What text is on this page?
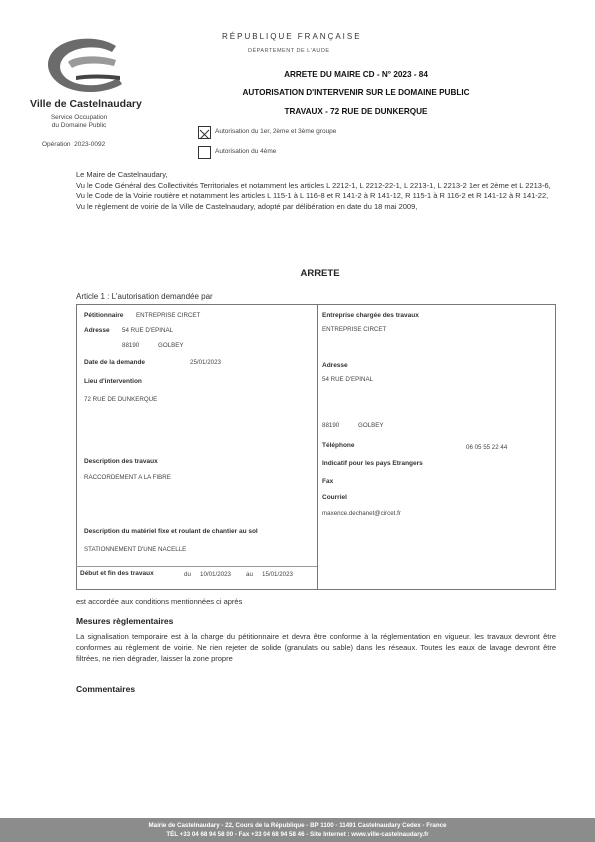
Ville de Castelnaudary
Service Occupation
du Domaine Public
Opération 2023-0092
RÉPUBLIQUE FRANÇAISE
DÉPARTEMENT DE L'AUDE
ARRETE DU MAIRE CD - N° 2023 - 84
AUTORISATION D'INTERVENIR SUR LE DOMAINE PUBLIC
TRAVAUX - 72 RUE DE DUNKERQUE
Autorisation du 1er, 2ème et 3ème groupe
Autorisation du 4ème
Le Maire de Castelnaudary,
Vu le Code Général des Collectivités Territoriales et notamment les articles L 2212-1, L 2212-22-1, L 2213-1, L 2213-2 1er et 2ème et L 2213-6,
Vu le Code de la Voirie routière et notamment les articles L 115-1 à L 116-8 et R 141-2 à R 141-12, R 115-1 à R 116-2 et R 141-12 à R 141-22,
Vu le règlement de voirie de la Ville de Castelnaudary, adopté par délibération en date du 18 mai 2009,
ARRETE
Article 1 : L'autorisation demandée par
Pétitionnaire ENTREPRISE CIRCET
Adresse 54 RUE D'EPINAL
88190	GOLBEY
Date de la demande	25/01/2023
Lieu d'intervention
72 RUE DE DUNKERQUE
Description des travaux
RACCORDEMENT A LA FIBRE
Description du matériel fixe et roulant de chantier au sol
STATIONNEMENT D'UNE NACELLE
Début et fin des travaux	du 10/01/2023 au 15/01/2023
Entreprise chargée des travaux
ENTREPRISE CIRCET
Adresse
54 RUE D'EPINAL
88190	GOLBEY
Téléphone	06 05 55 22 44
Indicatif pour les pays Etrangers
Fax
Courriel
maxence.dechanet@circet.fr
est accordée aux conditions mentionnées ci après
Mesures règlementaires
La signalisation temporaire est à la charge du pétitionnaire et devra être conforme à la réglementation en vigueur. les travaux devront être conformes au règlement de voirie. Ne rien rejeter de solide (granulats ou sable) dans les réseaux. Toutes les eaux de lavage devront être filtrées, ne rien dégrader, laisser la zone propre
Commentaires
Mairie de Castelnaudary - 22, Cours de la République - BP 1100 - 11491 Castelnaudary Cedex - France
TÉL +33 04 68 94 58 00 - Fax +33 04 68 94 58 46 - Site Internet : www.ville-castelnaudary.fr
